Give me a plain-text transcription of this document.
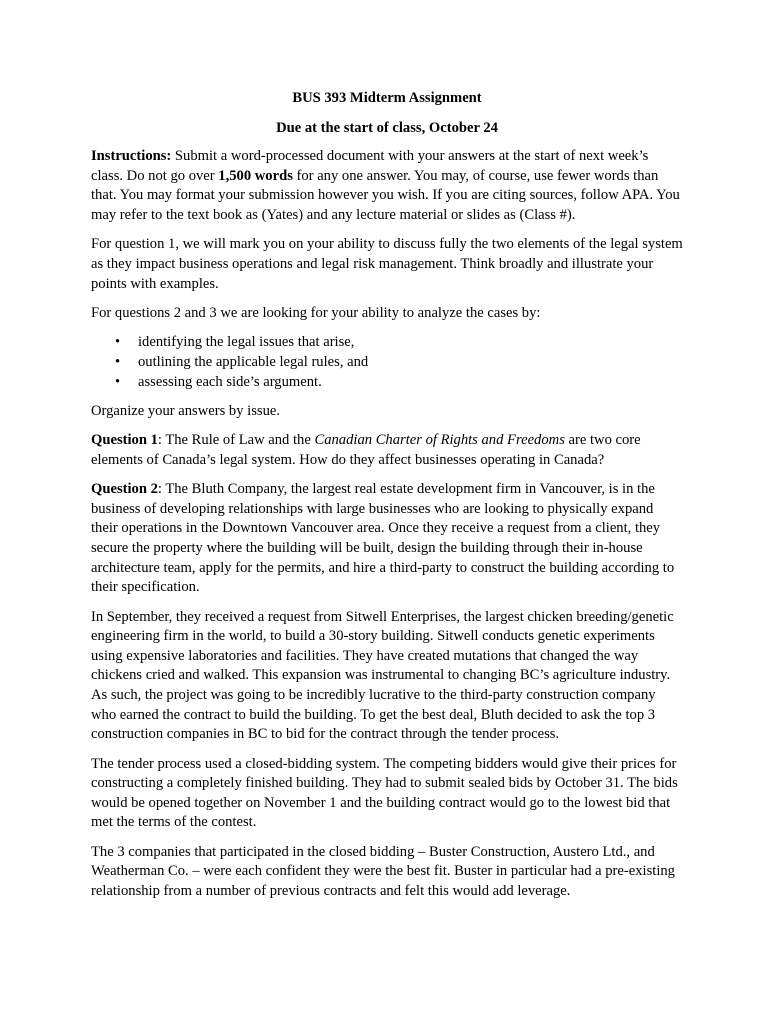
BUS 393 Midterm Assignment
Due at the start of class, October 24

Instructions: Submit a word-processed document with your answers at the start of next week’s class. Do not go over 1,500 words for any one answer. You may, of course, use fewer words than that. You may format your submission however you wish. If you are citing sources, follow APA. You may refer to the text book as (Yates) and any lecture material or slides as (Class #).

For question 1, we will mark you on your ability to discuss fully the two elements of the legal system as they impact business operations and legal risk management. Think broadly and illustrate your points with examples.

For questions 2 and 3 we are looking for your ability to analyze the cases by:

• identifying the legal issues that arise,
• outlining the applicable legal rules, and
• assessing each side’s argument.

Organize your answers by issue.

Question 1: The Rule of Law and the Canadian Charter of Rights and Freedoms are two core elements of Canada’s legal system. How do they affect businesses operating in Canada?

Question 2: The Bluth Company, the largest real estate development firm in Vancouver, is in the business of developing relationships with large businesses who are looking to physically expand their operations in the Downtown Vancouver area. Once they receive a request from a client, they secure the property where the building will be built, design the building through their in-house architecture team, apply for the permits, and hire a third-party to construct the building according to their specification.

In September, they received a request from Sitwell Enterprises, the largest chicken breeding/genetic engineering firm in the world, to build a 30-story building. Sitwell conducts genetic experiments using expensive laboratories and facilities. They have created mutations that changed the way chickens cried and walked. This expansion was instrumental to changing BC’s agriculture industry. As such, the project was going to be incredibly lucrative to the third-party construction company who earned the contract to build the building. To get the best deal, Bluth decided to ask the top 3 construction companies in BC to bid for the contract through the tender process.

The tender process used a closed-bidding system. The competing bidders would give their prices for constructing a completely finished building. They had to submit sealed bids by October 31. The bids would be opened together on November 1 and the building contract would go to the lowest bid that met the terms of the contest.

The 3 companies that participated in the closed bidding – Buster Construction, Austero Ltd., and Weatherman Co. – were each confident they were the best fit. Buster in particular had a pre-existing relationship from a number of previous contracts and felt this would add leverage.
